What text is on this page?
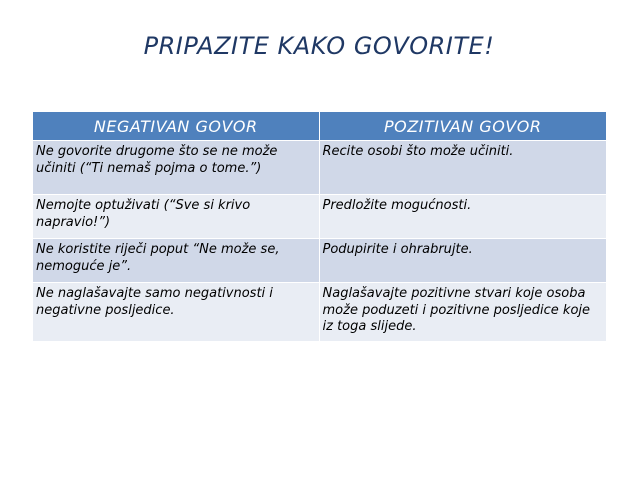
PRIPAZITE KAKO GOVORITE!
NEGATIVAN GOVOR	POZITIVAN GOVOR
Ne govorite drugome što se ne može učiniti (“Ti nemaš pojma o tome.”)	Recite osobi što može učiniti.
Nemojte optuživati (“Sve si krivo napravio!”)	Predložite mogućnosti.
Ne koristite riječi poput “Ne može se, nemoguće je”.	Podupirite i ohrabrujte.
Ne naglašavajte samo negativnosti i negativne posljedice.	Naglašavajte pozitivne stvari koje osoba može poduzeti i pozitivne posljedice koje iz toga slijede.
